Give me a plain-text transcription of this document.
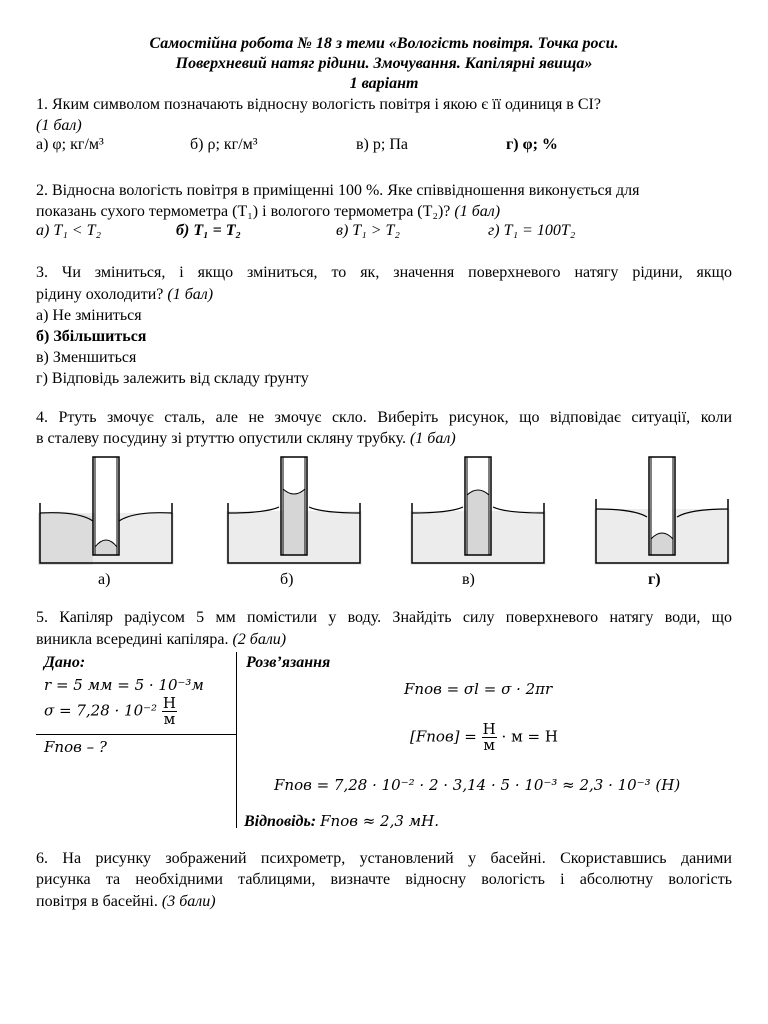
Самостійна робота № 18 з теми «Вологість повітря. Точка роси.
Поверхневий натяг рідини. Змочування. Капілярні явища»
1 варіант
1. Яким символом позначають відносну вологість повітря і якою є її одиниця в СІ?
(1 бал)
а) φ; кг/м³	б) ρ; кг/м³	в) p; Па	г) φ; %
2. Відносна вологість повітря в приміщенні 100 %. Яке співвідношення виконується для
показань сухого термометра (T₁) і вологого термометра (T₂)? (1 бал)
а) T₁ < T₂	б) T₁ = T₂	в) T₁ > T₂	г) T₁ = 100T₂
3. Чи зміниться, і якщо зміниться, то як, значення поверхневого натягу рідини, якщо
рідину охолодити? (1 бал)
а) Не зміниться
б) Збільшиться
в) Зменшиться
г) Відповідь залежить від складу ґрунту
4. Ртуть змочує сталь, але не змочує скло. Виберіть рисунок, що відповідає ситуації, коли
в сталеву посудину зі ртуттю опустили скляну трубку. (1 бал)
а)	б)	в)	г)
5. Капіляр радіусом 5 мм помістили у воду. Знайдіть силу поверхневого натягу води, що
виникла всередині капіляра. (2 бали)
Дано:
r = 5 мм = 5 · 10⁻³м
$\sigma = 7,28 \cdot 10^{-2} \frac{Н}{м}$
Fпов – ?
Розв’язання
Fпов = σl = σ · 2πr
[Fпов] = $\frac{Н}{м} \cdot м = Н$
Fпов = 7,28 · 10⁻² · 2 · 3,14 · 5 · 10⁻³ ≈ 2,3 · 10⁻³ (Н)
Відповідь: Fпов ≈ 2,3 мН.
6. На рисунку зображений психрометр, установлений у басейні. Скориставшись даними
рисунка та необхідними таблицями, визначте відносну вологість і абсолютну вологість
повітря в басейні. (3 бали)
